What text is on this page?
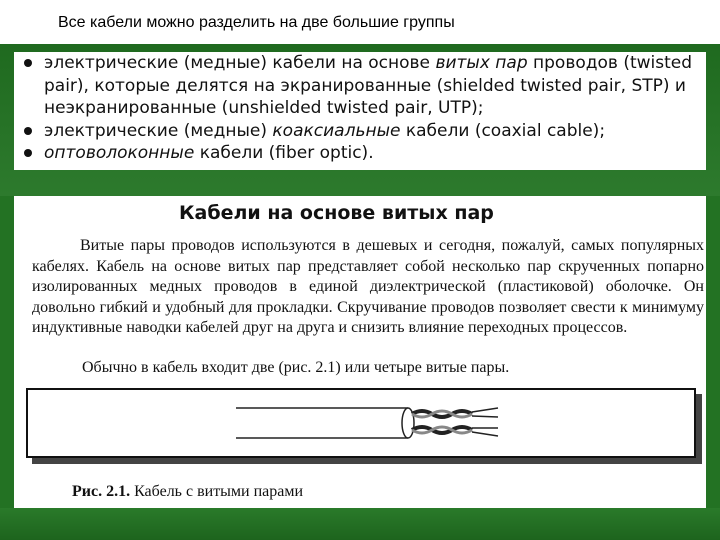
Все кабели можно разделить на две большие группы
электрические (медные) кабели на основе витых пар проводов (twisted pair), которые делятся на экранированные (shielded twisted pair, STP) и неэкранированные (unshielded twisted pair, UTP);
электрические (медные) коаксиальные кабели (coaxial cable);
оптоволоконные кабели (fiber optic).
Кабели на основе витых пар
Витые пары проводов используются в дешевых и сегодня, пожалуй, самых популярных кабелях. Кабель на основе витых пар представляет собой несколько пар скрученных попарно изолированных медных проводов в единой диэлектрической (пластиковой) оболочке. Он довольно гибкий и удобный для прокладки. Скручивание проводов позволяет свести к минимуму индуктивные наводки кабелей друг на друга и снизить влияние переходных процессов.
Обычно в кабель входит две (рис. 2.1) или четыре витые пары.
Рис. 2.1. Кабель с витыми парами
